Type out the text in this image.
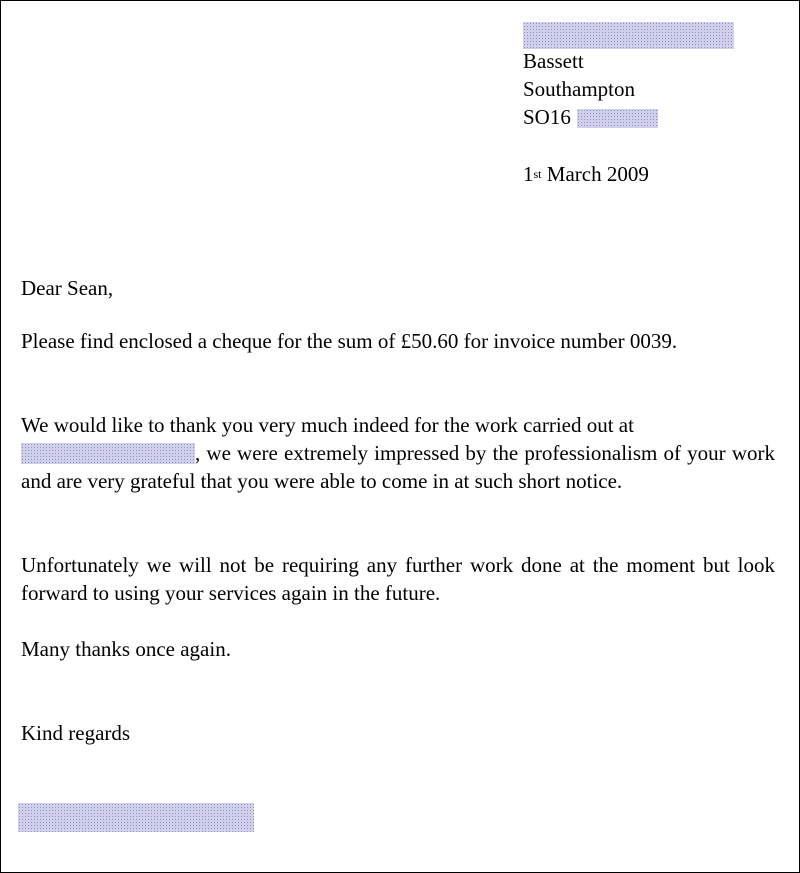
Bassett
Southampton
SO16
1st March 2009
Dear Sean,
Please find enclosed a cheque for the sum of £50.60 for invoice number 0039.
We would like to thank you very much indeed for the work carried out at
, we were extremely impressed by the professionalism of your work and are very grateful that you were able to come in at such short notice.
Unfortunately we will not be requiring any further work done at the moment but look forward to using your services again in the future.
Many thanks once again.
Kind regards
